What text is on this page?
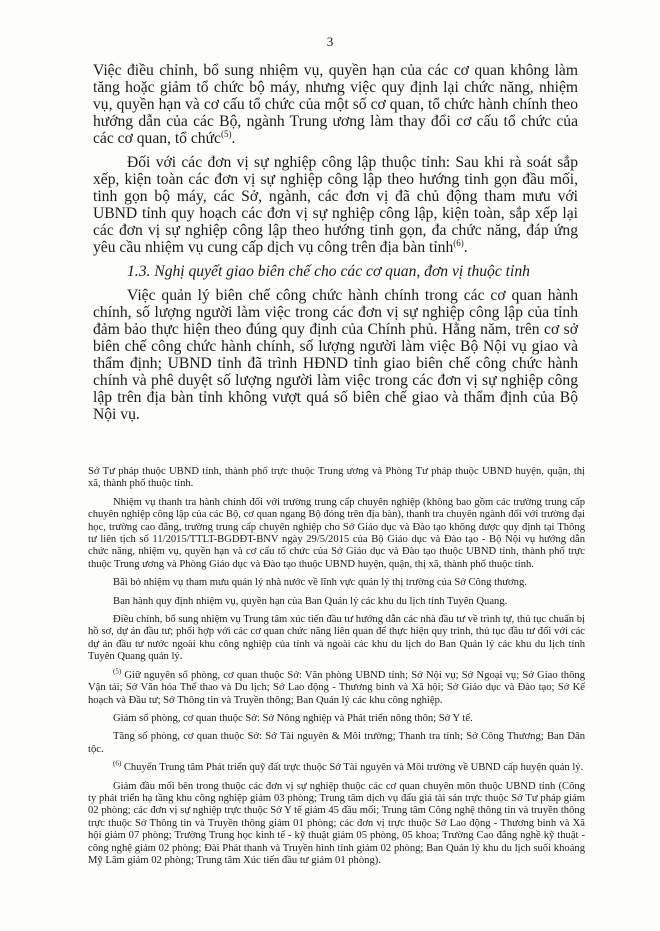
3

Việc điều chỉnh, bổ sung nhiệm vụ, quyền hạn của các cơ quan không làm tăng hoặc giảm tổ chức bộ máy, nhưng việc quy định lại chức năng, nhiệm vụ, quyền hạn và cơ cấu tổ chức của một số cơ quan, tổ chức hành chính theo hướng dẫn của các Bộ, ngành Trung ương làm thay đổi cơ cấu tổ chức của các cơ quan, tổ chức$^{(5)}$.

Đối với các đơn vị sự nghiệp công lập thuộc tỉnh: Sau khi rà soát sắp xếp, kiện toàn các đơn vị sự nghiệp công lập theo hướng tinh gọn đầu mối, tinh gọn bộ máy, các Sở, ngành, các đơn vị đã chủ động tham mưu với UBND tỉnh quy hoạch các đơn vị sự nghiệp công lập, kiện toàn, sắp xếp lại các đơn vị sự nghiệp công lập theo hướng tinh gọn, đa chức năng, đáp ứng yêu cầu nhiệm vụ cung cấp dịch vụ công trên địa bàn tỉnh$^{(6)}$.

1.3. Nghị quyết giao biên chế cho các cơ quan, đơn vị thuộc tỉnh

Việc quản lý biên chế công chức hành chính trong các cơ quan hành chính, số lượng người làm việc trong các đơn vị sự nghiệp công lập của tỉnh đảm bảo thực hiện theo đúng quy định của Chính phủ. Hằng năm, trên cơ sở biên chế công chức hành chính, số lượng người làm việc Bộ Nội vụ giao và thẩm định; UBND tỉnh đã trình HĐND tỉnh giao biên chế công chức hành chính và phê duyệt số lượng người làm việc trong các đơn vị sự nghiệp công lập trên địa bàn tỉnh không vượt quá số biên chế giao và thẩm định của Bộ Nội vụ.

Sở Tư pháp thuộc UBND tỉnh, thành phố trực thuộc Trung ương và Phòng Tư pháp thuộc UBND huyện, quận, thị xã, thành phố thuộc tỉnh.

Nhiệm vụ thanh tra hành chính đối với trường trung cấp chuyên nghiệp (không bao gồm các trường trung cấp chuyên nghiệp công lập của các Bộ, cơ quan ngang Bộ đóng trên địa bàn), thanh tra chuyên ngành đối với trường đại học, trường cao đẳng, trường trung cấp chuyên nghiệp cho Sở Giáo dục và Đào tạo không được quy định tại Thông tư liên tịch số 11/2015/TTLT-BGDĐT-BNV ngày 29/5/2015 của Bộ Giáo dục và Đào tạo - Bộ Nội vụ hướng dẫn chức năng, nhiệm vụ, quyền hạn và cơ cấu tổ chức của Sở Giáo dục và Đào tạo thuộc UBND tỉnh, thành phố trực thuộc Trung ương và Phòng Giáo dục và Đào tạo thuộc UBND huyện, quận, thị xã, thành phố thuộc tỉnh.

Bãi bỏ nhiệm vụ tham mưu quản lý nhà nước về lĩnh vực quản lý thị trường của Sở Công thương.

Ban hành quy định nhiệm vụ, quyền hạn của Ban Quản lý các khu du lịch tỉnh Tuyên Quang.

Điều chỉnh, bổ sung nhiệm vụ Trung tâm xúc tiến đầu tư hướng dẫn các nhà đầu tư về trình tự, thủ tục chuẩn bị hồ sơ, dự án đầu tư; phối hợp với các cơ quan chức năng liên quan để thực hiện quy trình, thủ tục đầu tư đối với các dự án đầu tư nước ngoài khu công nghiệp của tỉnh và ngoài các khu du lịch do Ban Quản lý các khu du lịch tỉnh Tuyên Quang quản lý.

$^{(5)}$ Giữ nguyên số phòng, cơ quan thuộc Sở: Văn phòng UBND tỉnh; Sở Nội vụ; Sở Ngoại vụ; Sở Giao thông Vận tải; Sở Văn hóa Thể thao và Du lịch; Sở Lao động - Thương binh và Xã hội; Sở Giáo dục và Đào tạo; Sở Kế hoạch và Đầu tư; Sở Thông tin và Truyền thông; Ban Quản lý các khu công nghiệp.

Giảm số phòng, cơ quan thuộc Sở: Sở Nông nghiệp và Phát triển nông thôn; Sở Y tế.

Tăng số phòng, cơ quan thuộc Sở: Sở Tài nguyên & Môi trường; Thanh tra tỉnh; Sở Công Thương; Ban Dân tộc.

$^{(6)}$ Chuyển Trung tâm Phát triển quỹ đất trực thuộc Sở Tài nguyên và Môi trường về UBND cấp huyện quản lý.

Giảm đầu mối bên trong thuộc các đơn vị sự nghiệp thuộc các cơ quan chuyên môn thuộc UBND tỉnh (Công ty phát triển hạ tầng khu công nghiệp giảm 03 phòng; Trung tâm dịch vụ đấu giá tài sản trực thuộc Sở Tư pháp giảm 02 phòng; các đơn vị sự nghiệp trực thuộc Sở Y tế giảm 45 đầu mối; Trung tâm Công nghệ thông tin và truyền thông trực thuộc Sở Thông tin và Truyền thông giảm 01 phòng; các đơn vị trực thuộc Sở Lao động - Thương binh và Xã hội giảm 07 phòng; Trường Trung học kinh tế - kỹ thuật giảm 05 phòng, 05 khoa; Trường Cao đẳng nghề kỹ thuật - công nghệ giảm 02 phòng; Đài Phát thanh và Truyền hình tỉnh giảm 02 phòng; Ban Quản lý khu du lịch suối khoáng Mỹ Lâm giảm 02 phòng; Trung tâm Xúc tiến đầu tư giảm 01 phòng).
